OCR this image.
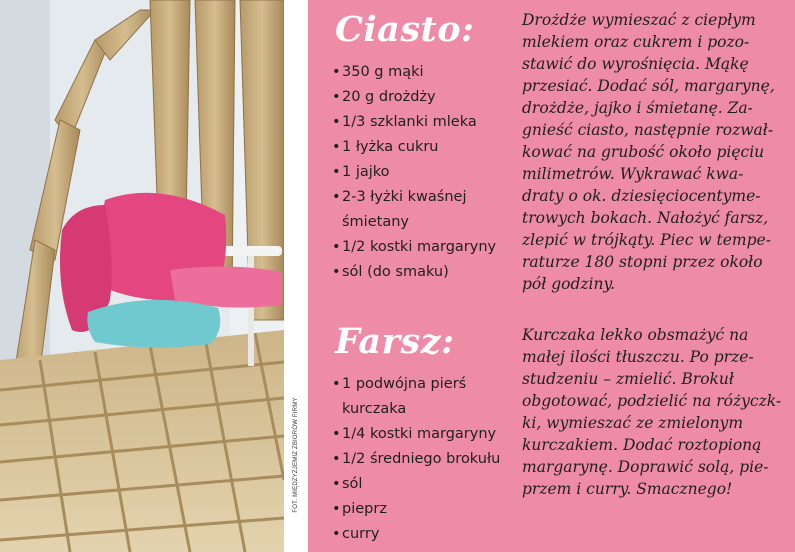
FOT. MIĘDZYZJEMIZ ZBIORÓW FIRMY
Ciasto:
• 350 g mąki
• 20 g drożdży
• 1/3 szklanki mleka
• 1 łyżka cukru
• 1 jajko
• 2-3 łyżki kwaśnej śmietany
• 1/2 kostki margaryny
• sól (do smaku)

Drożdże wymieszać z ciepłym
mlekiem oraz cukrem i pozo-
stawić do wyrośnięcia. Mąkę
przesiać. Dodać sól, margarynę,
drożdże, jajko i śmietanę. Za-
gnieść ciasto, następnie rozwał-
kować na grubość około pięciu
milimetrów. Wykrawać kwa-
draty o ok. dziesięciocentyme-
trowych bokach. Nałożyć farsz,
zlepić w trójkąty. Piec w tempe-
raturze 180 stopni przez około
pół godziny.

Farsz:
• 1 podwójna pierś kurczaka
• 1/4 kostki margaryny
• 1/2 średniego brokułu
• sól
• pieprz
• curry

Kurczaka lekko obsmażyć na
małej ilości tłuszczu. Po prze-
studzeniu – zmielić. Brokuł
obgotować, podzielić na różyczk-
ki, wymieszać ze zmielonym
kurczakiem. Dodać roztopioną
margarynę. Doprawić solą, pie-
przem i curry. Smacznego!
